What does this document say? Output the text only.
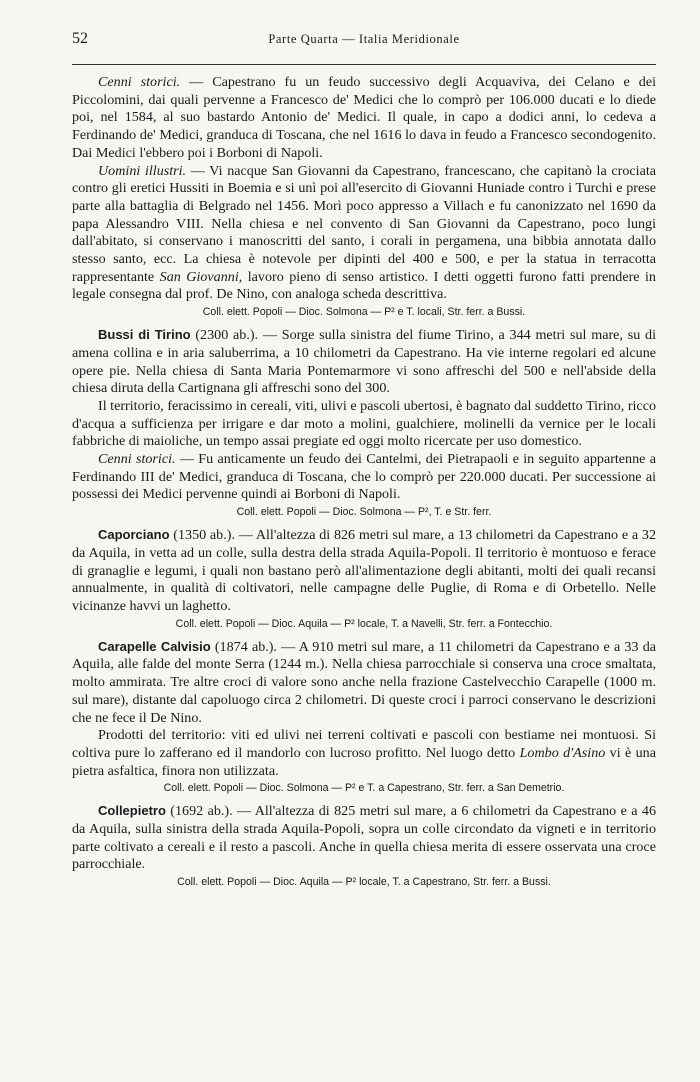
52	Parte Quarta — Italia Meridionale

Cenni storici. — Capestrano fu un feudo successivo degli Acquaviva, dei Celano e dei Piccolomini, dai quali pervenne a Francesco de' Medici che lo comprò per 106.000 ducati e lo diede poi, nel 1584, al suo bastardo Antonio de' Medici. Il quale, in capo a dodici anni, lo cedeva a Ferdinando de' Medici, granduca di Toscana, che nel 1616 lo dava in feudo a Francesco secondogenito. Dai Medici l'ebbero poi i Borboni di Napoli.

Uomini illustri. — Vi nacque San Giovanni da Capestrano, francescano, che capitanò la crociata contro gli eretici Hussiti in Boemia e si unì poi all'esercito di Giovanni Huniade contro i Turchi e prese parte alla battaglia di Belgrado nel 1456. Morì poco appresso a Villach e fu canonizzato nel 1690 da papa Alessandro VIII. Nella chiesa e nel convento di San Giovanni da Capestrano, poco lungi dall'abitato, si conservano i manoscritti del santo, i corali in pergamena, una bibbia annotata dallo stesso santo, ecc. La chiesa è notevole per dipinti del 400 e 500, e per la statua in terracotta rappresentante San Giovanni, lavoro pieno di senso artistico. I detti oggetti furono fatti prendere in legale consegna dal prof. De Nino, con analoga scheda descrittiva.

Coll. elett. Popoli — Dioc. Solmona — P² e T. locali, Str. ferr. a Bussi.

Bussi di Tirino (2300 ab.). — Sorge sulla sinistra del fiume Tirino, a 344 metri sul mare, su di amena collina e in aria saluberrima, a 10 chilometri da Capestrano. Ha vie interne regolari ed alcune opere pie. Nella chiesa di Santa Maria Pontemarmore vi sono affreschi del 500 e nell'abside della chiesa diruta della Cartignana gli affreschi sono del 300.

Il territorio, feracissimo in cereali, viti, ulivi e pascoli ubertosi, è bagnato dal suddetto Tirino, ricco d'acqua a sufficienza per irrigare e dar moto a molini, gualchiere, molinelli da vernice per le locali fabbriche di maioliche, un tempo assai pregiate ed oggi molto ricercate per uso domestico.

Cenni storici. — Fu anticamente un feudo dei Cantelmi, dei Pietrapaoli e in seguito appartenne a Ferdinando III de' Medici, granduca di Toscana, che lo comprò per 220.000 ducati. Per successione ai possessi dei Medici pervenne quindi ai Borboni di Napoli.

Coll. elett. Popoli — Dioc. Solmona — P², T. e Str. ferr.

Caporciano (1350 ab.). — All'altezza di 826 metri sul mare, a 13 chilometri da Capestrano e a 32 da Aquila, in vetta ad un colle, sulla destra della strada Aquila-Popoli. Il territorio è montuoso e ferace di granaglie e legumi, i quali non bastano però all'alimentazione degli abitanti, molti dei quali recansi annualmente, in qualità di coltivatori, nelle campagne delle Puglie, di Roma e di Orbetello. Nelle vicinanze havvi un laghetto.

Coll. elett. Popoli — Dioc. Aquila — P² locale, T. a Navelli, Str. ferr. a Fontecchio.

Carapelle Calvisio (1874 ab.). — A 910 metri sul mare, a 11 chilometri da Capestrano e a 33 da Aquila, alle falde del monte Serra (1244 m.). Nella chiesa parrocchiale si conserva una croce smaltata, molto ammirata. Tre altre croci di valore sono anche nella frazione Castelvecchio Carapelle (1000 m. sul mare), distante dal capoluogo circa 2 chilometri. Di queste croci i parroci conservano le descrizioni che ne fece il De Nino.

Prodotti del territorio: viti ed ulivi nei terreni coltivati e pascoli con bestiame nei montuosi. Si coltiva pure lo zafferano ed il mandorlo con lucroso profitto. Nel luogo detto Lombo d'Asino vi è una pietra asfaltica, finora non utilizzata.

Coll. elett. Popoli — Dioc. Solmona — P² e T. a Capestrano, Str. ferr. a San Demetrio.

Collepietro (1692 ab.). — All'altezza di 825 metri sul mare, a 6 chilometri da Capestrano e a 46 da Aquila, sulla sinistra della strada Aquila-Popoli, sopra un colle circondato da vigneti e in territorio parte coltivato a cereali e il resto a pascoli. Anche in quella chiesa merita di essere osservata una croce parrocchiale.

Coll. elett. Popoli — Dioc. Aquila — P² locale, T. a Capestrano, Str. ferr. a Bussi.
